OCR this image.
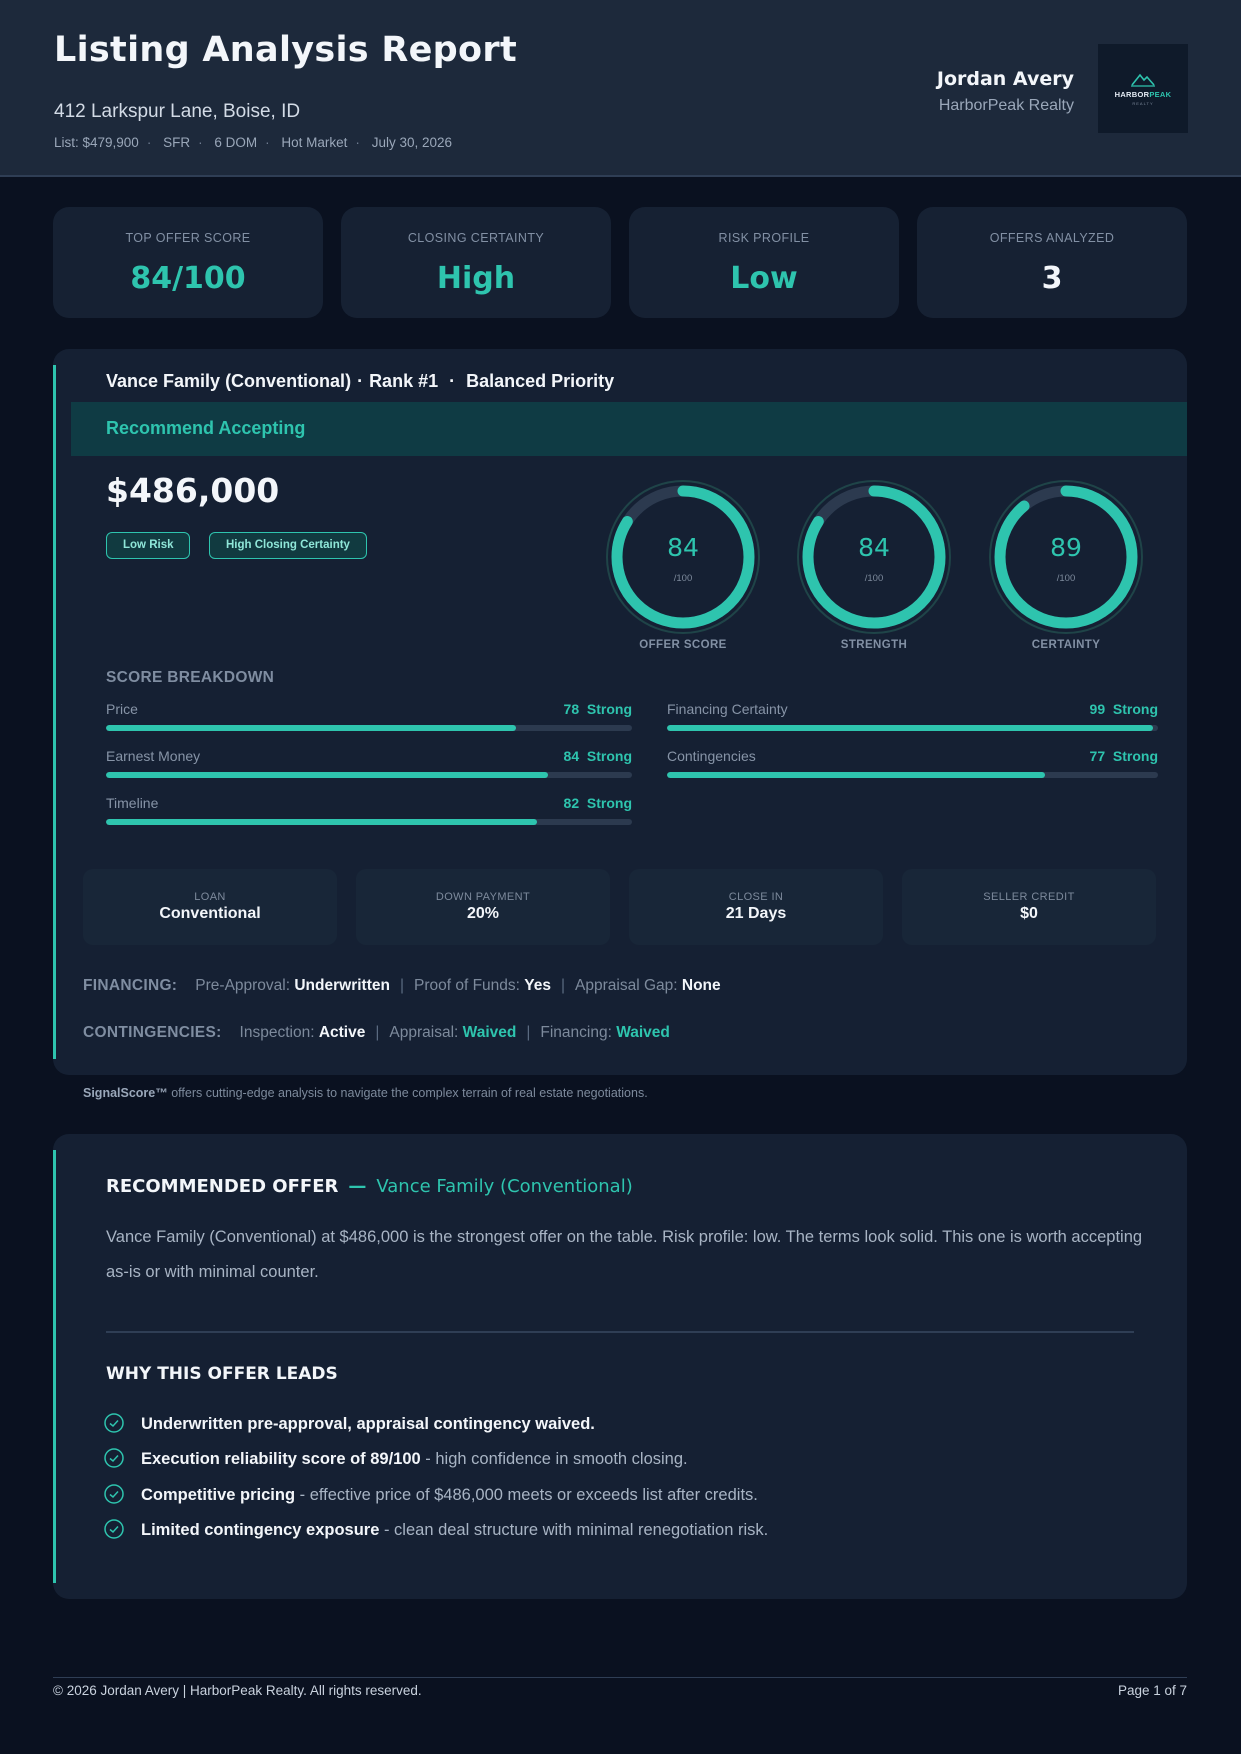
Listing Analysis Report
412 Larkspur Lane, Boise, ID
List: $479,900 · SFR · 6 DOM · Hot Market · July 30, 2026
Jordan Avery
HarborPeak Realty
HARBORPEAK
REALTY
TOP OFFER SCORE
84/100
CLOSING CERTAINTY
High
RISK PROFILE
Low
OFFERS ANALYZED
3
Vance Family (Conventional) · Rank #1 · Balanced Priority
Recommend Accepting
$486,000
Low Risk	High Closing Certainty	84
/100
OFFER SCORE
84
/100
STRENGTH
89
/100
CERTAINTY
SCORE BREAKDOWN
Price	78 Strong
Earnest Money	84 Strong
Timeline	82 Strong
Financing Certainty	99 Strong
Contingencies	77 Strong
LOAN
Conventional
DOWN PAYMENT
20%
CLOSE IN
21 Days
SELLER CREDIT
$0
FINANCING: Pre-Approval: Underwritten | Proof of Funds: Yes | Appraisal Gap: None
CONTINGENCIES: Inspection: Active | Appraisal: Waived | Financing: Waived
SignalScore™ offers cutting-edge analysis to navigate the complex terrain of real estate negotiations.
RECOMMENDED OFFER — Vance Family (Conventional)
Vance Family (Conventional) at $486,000 is the strongest offer on the table. Risk profile: low. The terms look solid. This one is worth accepting as-is or with minimal counter.
WHY THIS OFFER LEADS
Underwritten pre-approval, appraisal contingency waived.
Execution reliability score of 89/100 - high confidence in smooth closing.
Competitive pricing - effective price of $486,000 meets or exceeds list after credits.
Limited contingency exposure - clean deal structure with minimal renegotiation risk.
© 2026 Jordan Avery | HarborPeak Realty. All rights reserved.	Page 1 of 7
